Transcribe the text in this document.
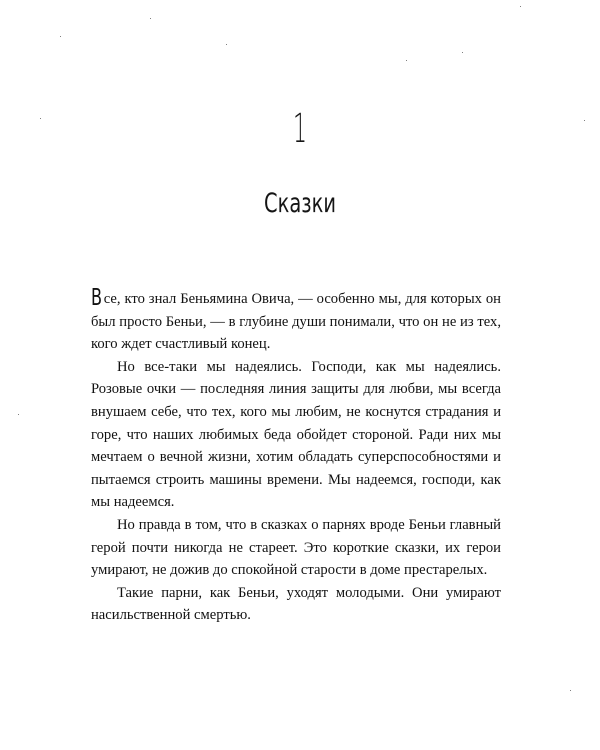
1
Сказки

Все, кто знал Беньямина Овича, — особенно мы, для которых он был просто Беньи, — в глубине души понимали, что он не из тех, кого ждет счастливый конец.

Но все-таки мы надеялись. Господи, как мы надеялись. Розовые очки — последняя линия защиты для любви, мы всегда внушаем себе, что тех, кого мы любим, не коснутся страдания и горе, что наших любимых беда обойдет стороной. Ради них мы мечтаем о вечной жизни, хотим обладать суперспособностями и пытаемся строить машины времени. Мы надеемся, господи, как мы надеемся.

Но правда в том, что в сказках о парнях вроде Беньи главный герой почти никогда не стареет. Это короткие сказки, их герои умирают, не дожив до спокойной старости в доме престарелых.

Такие парни, как Беньи, уходят молодыми. Они умирают насильственной смертью.
